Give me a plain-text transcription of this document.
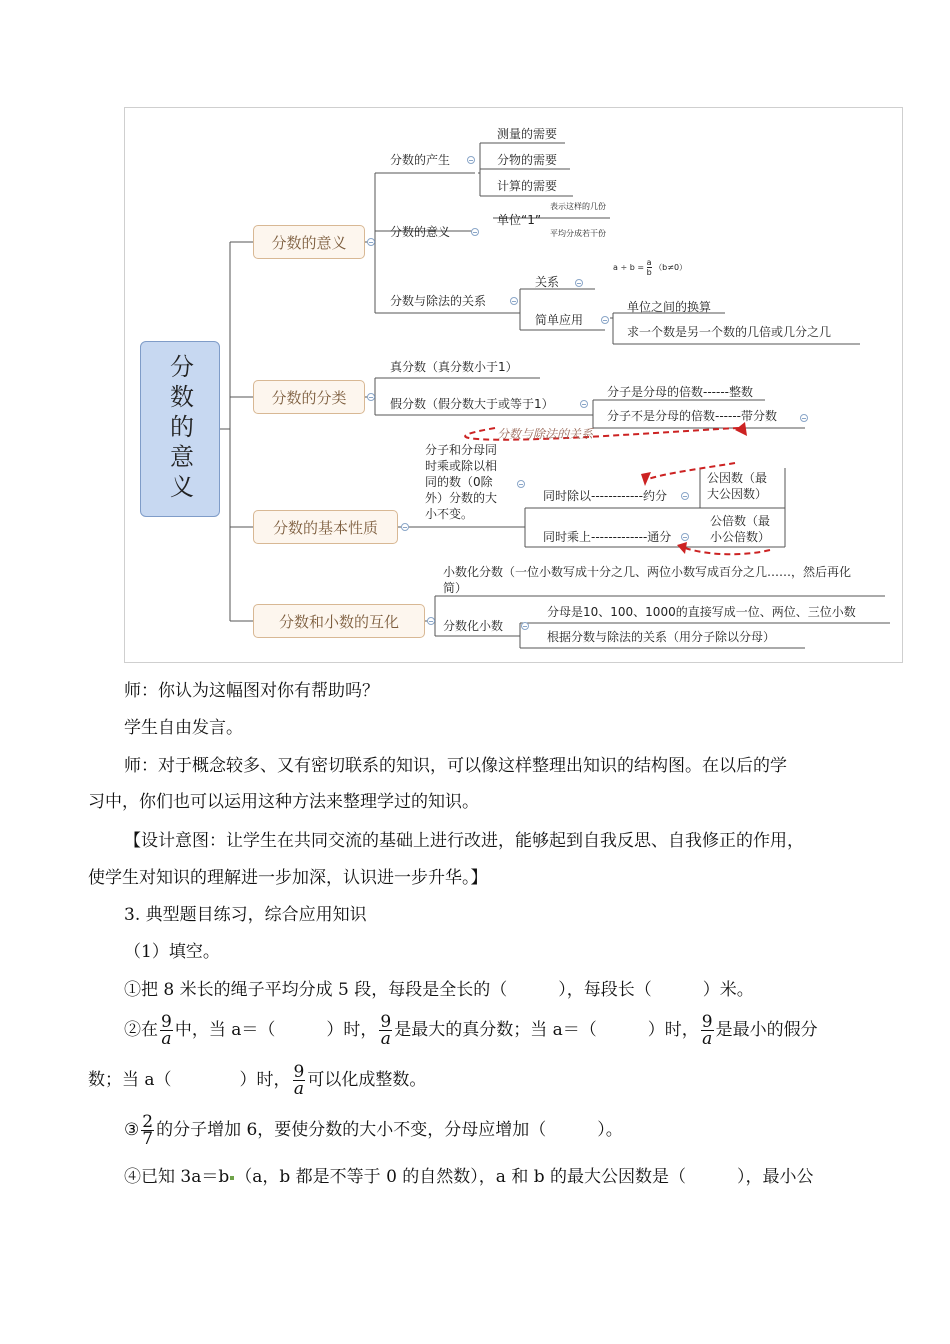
分数的意义
分数的意义
分数的分类
分数的基本性质
分数和小数的互化
分数的产生
测量的需要
分物的需要
计算的需要
分数的意义
单位“1”
表示这样的几份
平均分成若干份
分数与除法的关系
关系
$a \div b = \frac{a}{b} (b\ne 0)$
简单应用
单位之间的换算
求一个数是另一个数的几倍或几分之几
真分数（真分数小于1）
假分数（假分数大于或等于1）
分子是分母的倍数------整数
分子不是分母的倍数------带分数
分数与除法的关系
分子和分母同
时乘或除以相
同的数（0除
外）分数的大
小不变。
同时除以------------约分
公因数（最
大公因数）
同时乘上-------------通分
公倍数（最
小公倍数）
小数化分数（一位小数写成十分之几、两位小数写成百分之几……，然后再化
简）
分数化小数
分母是10、100、1000的直接写成一位、两位、三位小数
根据分数与除法的关系（用分子除以分母）
师：你认为这幅图对你有帮助吗？
学生自由发言。
师：对于概念较多、又有密切联系的知识，可以像这样整理出知识的结构图。在以后的学
习中，你们也可以运用这种方法来整理学过的知识。
【设计意图：让学生在共同交流的基础上进行改进，能够起到自我反思、自我修正的作用，
使学生对知识的理解进一步加深，认识进一步升华。】
3. 典型题目练习，综合应用知识
（1）填空。
①把 8 米长的绳子平均分成 5 段，每段是全长的（　　　），每段长（　　　）米。
②在 $\frac{9}{a}$ 中，当 a＝（　　　）时， $\frac{9}{a}$ 是最大的真分数；当 a＝（　　　）时， $\frac{9}{a}$ 是最小的假分
数；当 a（　　　　）时， $\frac{9}{a}$ 可以化成整数。
③ $\frac{2}{7}$ 的分子增加 6，要使分数的大小不变，分母应增加（　　　）。
④已知 3a＝b （a，b 都是不等于 0 的自然数），a 和 b 的最大公因数是（　　　），最小公
